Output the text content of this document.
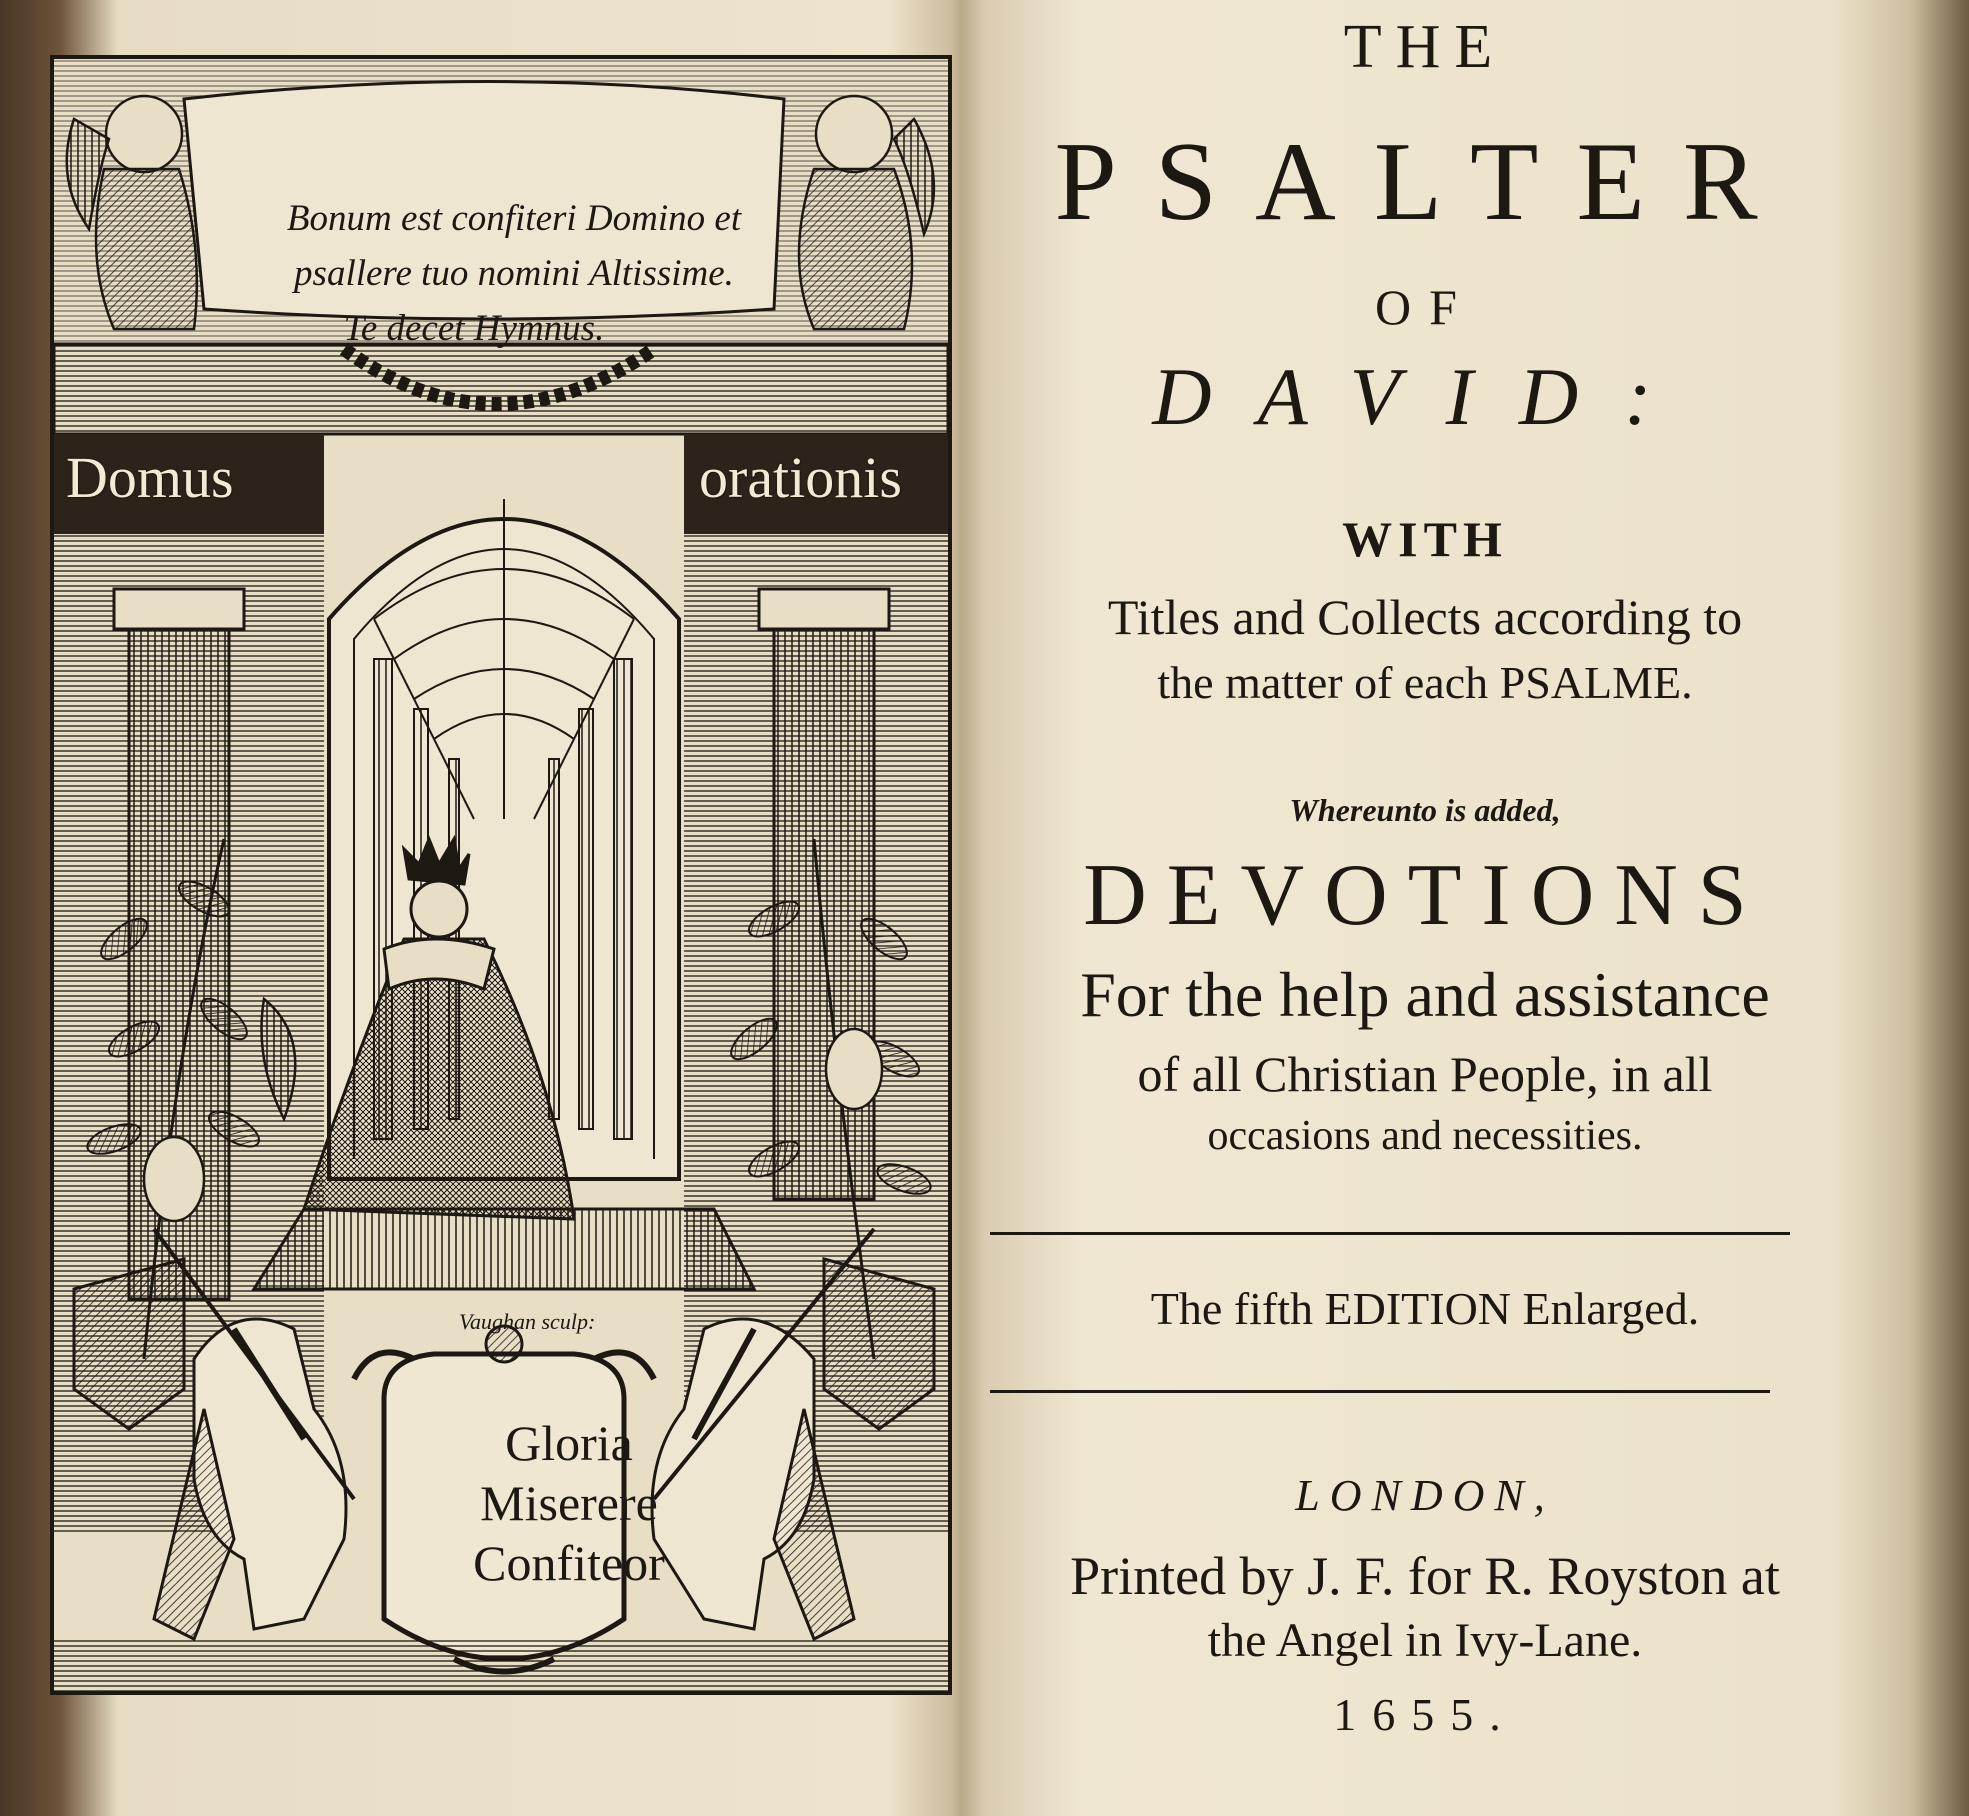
Bonum est confiteri Domino et
psallere tuo nomini Altissime.
Te decet Hymnus.
Domus	orationis
Vaughan sculp:
Gloria
Miserere
Confiteor
THE
PSALTER
OF
DAVID:
WITH
Titles and Collects according to
the matter of each PSALME.
Whereunto is added,
DEVOTIONS
For the help and assistance
of all Christian People, in all
occasions and necessities.
The fifth EDITION Enlarged.
LONDON,
Printed by J. F. for R. Royston at
the Angel in Ivy-Lane.
1655.
